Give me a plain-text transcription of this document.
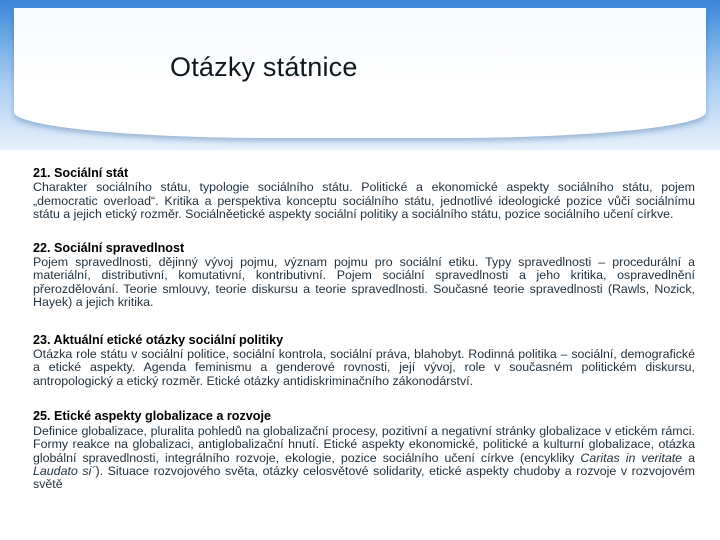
Otázky státnice
21. Sociální stát
Charakter sociálního státu, typologie sociálního státu. Politické a ekonomické aspekty sociálního státu, pojem „democratic overload“. Kritika a perspektiva konceptu sociálního státu, jednotlivé ideologické pozice vůči sociálnímu státu a jejich etický rozměr. Sociálněetické aspekty sociální politiky a sociálního státu, pozice sociálního učení církve.
22. Sociální spravedlnost
Pojem spravedlnosti, dějinný vývoj pojmu, význam pojmu pro sociální etiku. Typy spravedlnosti – procedurální a materiální, distributivní, komutativní, kontributivní. Pojem sociální spravedlnosti a jeho kritika, ospravedlnění přerozdělování. Teorie smlouvy, teorie diskursu a teorie spravedlnosti. Současné teorie spravedlnosti (Rawls, Nozick, Hayek) a jejich kritika.
23. Aktuální etické otázky sociální politiky
Otázka role státu v sociální politice, sociální kontrola, sociální práva, blahobyt. Rodinná politika – sociální, demografické a etické aspekty. Agenda feminismu a genderové rovnosti, její vývoj, role v současném politickém diskursu, antropologický a etický rozměr. Etické otázky antidiskriminačního zákonodárství.
25. Etické aspekty globalizace a rozvoje
Definice globalizace, pluralita pohledů na globalizační procesy, pozitivní a negativní stránky globalizace v etickém rámci. Formy reakce na globalizaci, antiglobalizační hnutí. Etické aspekty ekonomické, politické a kulturní globalizace, otázka globální spravedlnosti, integrálního rozvoje, ekologie, pozice sociálního učení církve (encykliky Caritas in veritate a Laudato si´). Situace rozvojového světa, otázky celosvětové solidarity, etické aspekty chudoby a rozvoje v rozvojovém světě
